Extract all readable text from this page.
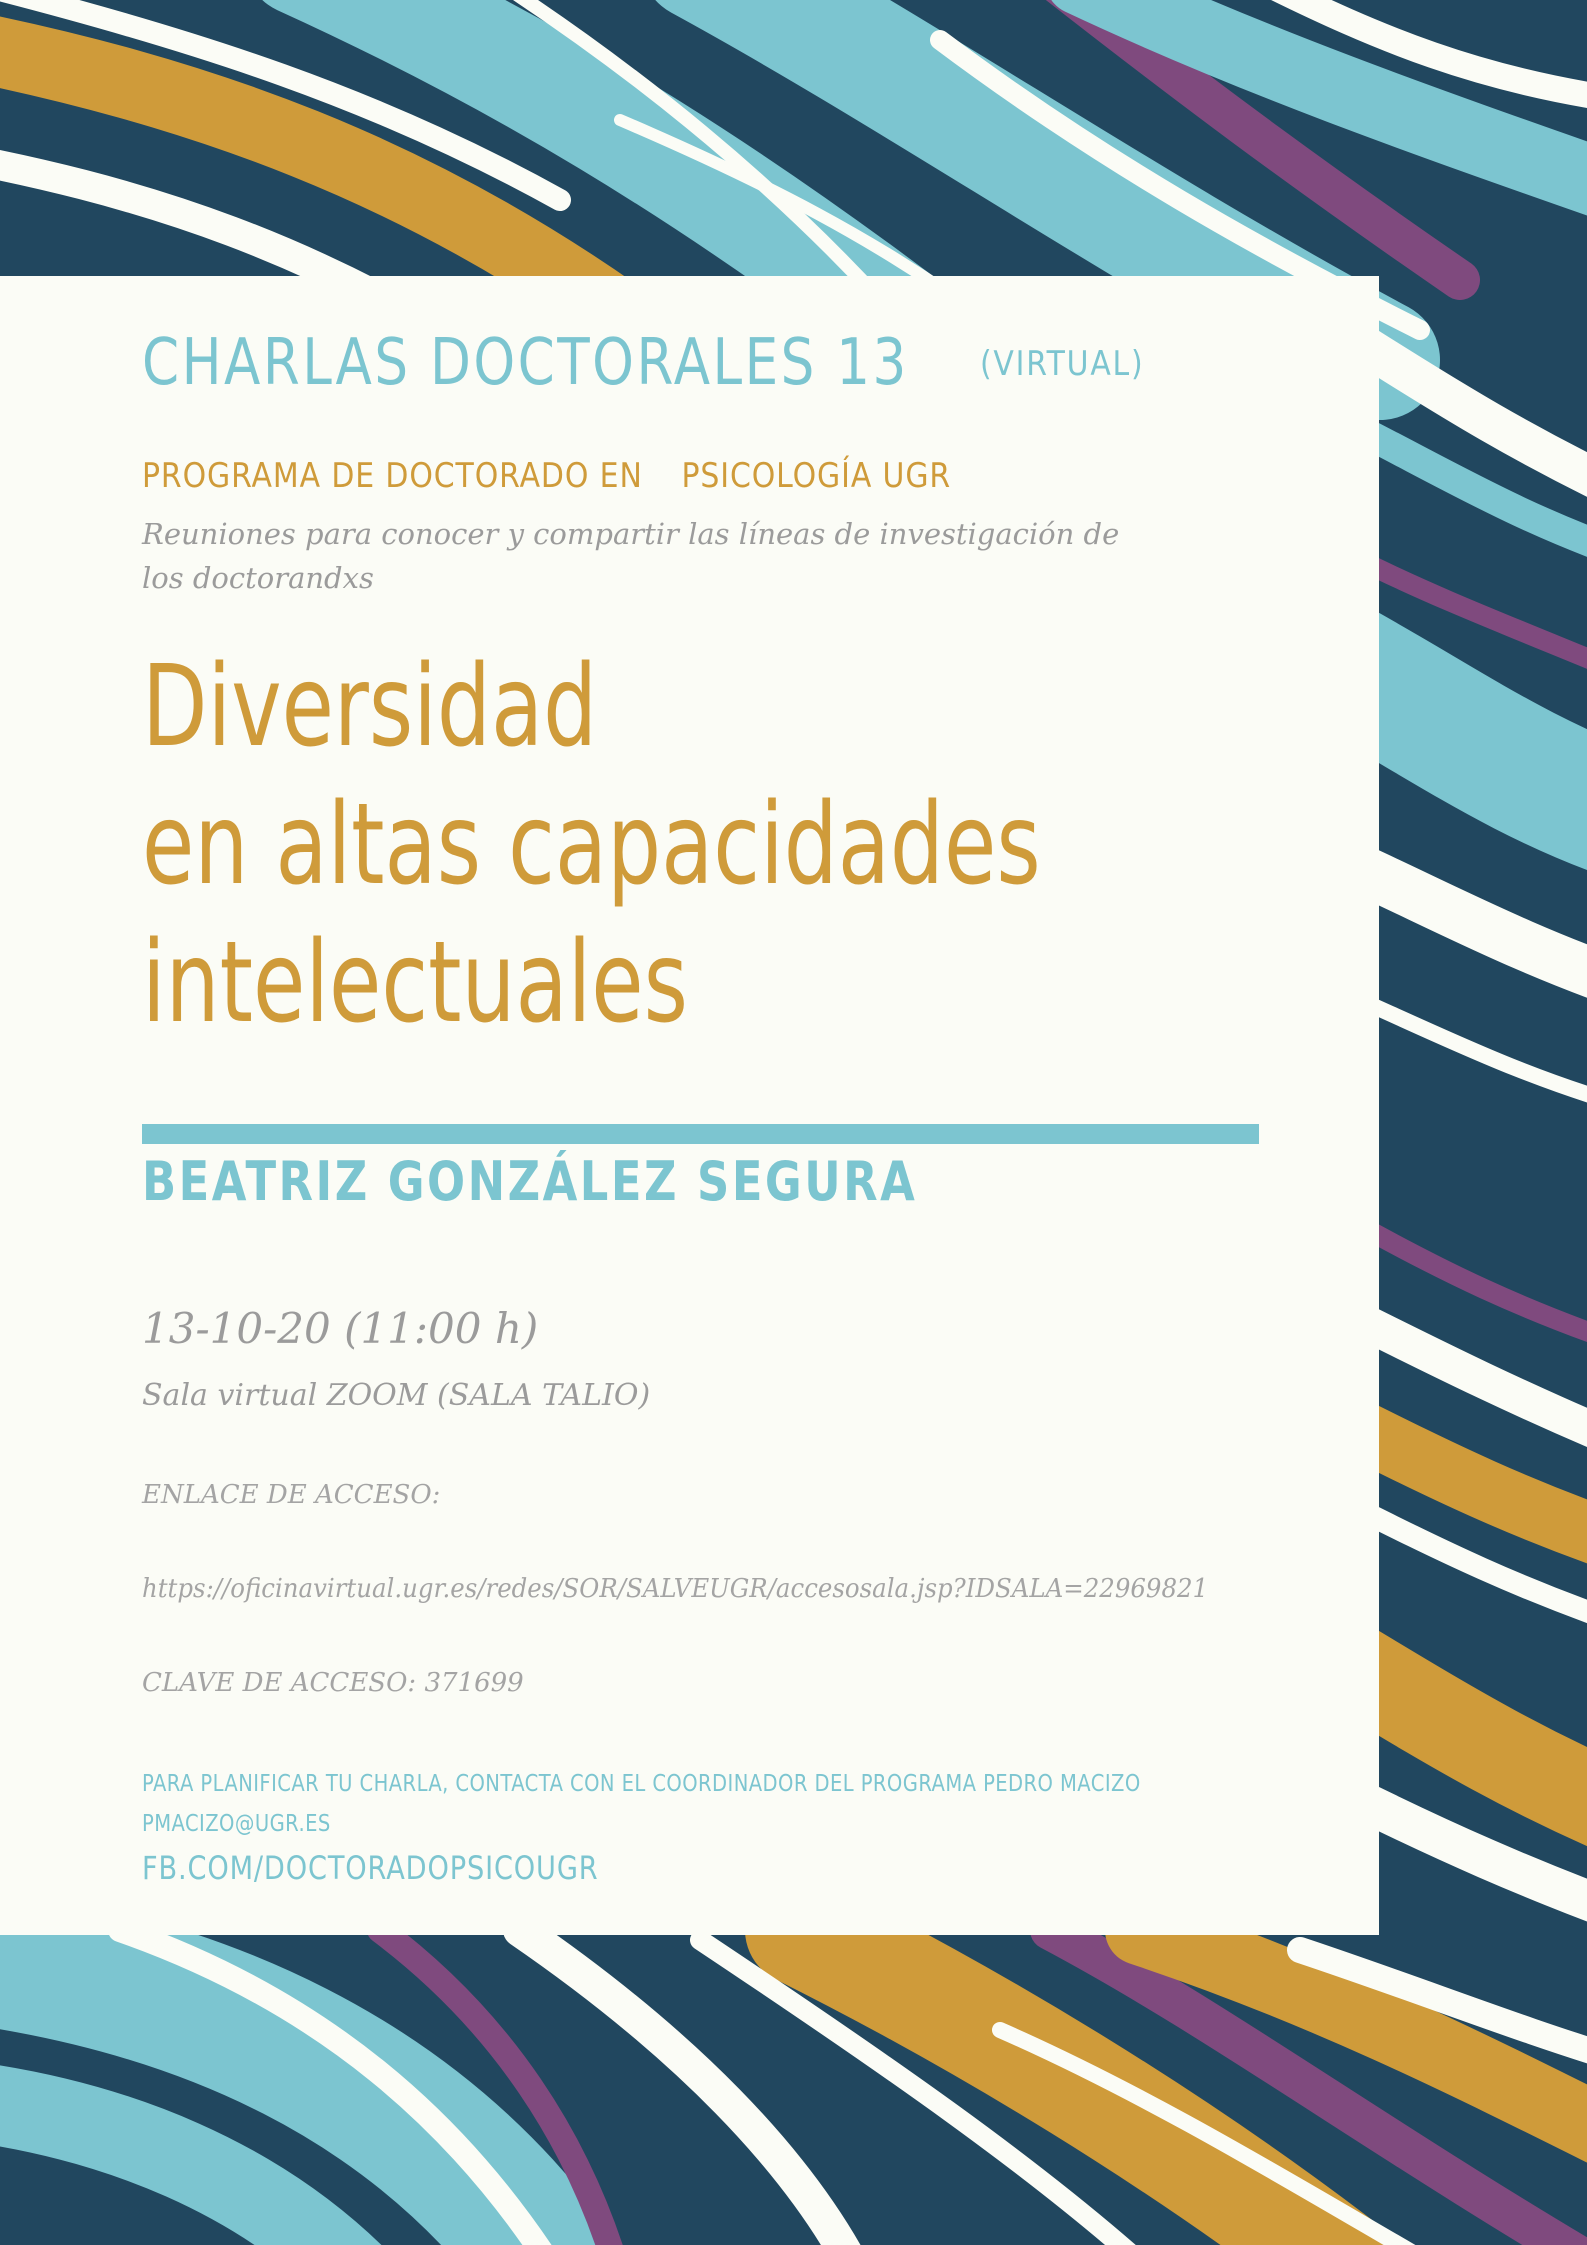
CHARLAS DOCTORALES 13 (VIRTUAL)
PROGRAMA DE DOCTORADO EN PSICOLOGÍA UGR
Reuniones para conocer y compartir las líneas de investigación de los doctorandxs
Diversidad
en altas capacidades
intelectuales
BEATRIZ GONZÁLEZ SEGURA
13-10-20 (11:00 h)
Sala virtual ZOOM (SALA TALIO)
ENLACE DE ACCESO:
https://oficinavirtual.ugr.es/redes/SOR/SALVEUGR/accesosala.jsp?IDSALA=22969821
CLAVE DE ACCESO: 371699
PARA PLANIFICAR TU CHARLA, CONTACTA CON EL COORDINADOR DEL PROGRAMA PEDRO MACIZO
PMACIZO@UGR.ES
FB.COM/DOCTORADOPSICOUGR
